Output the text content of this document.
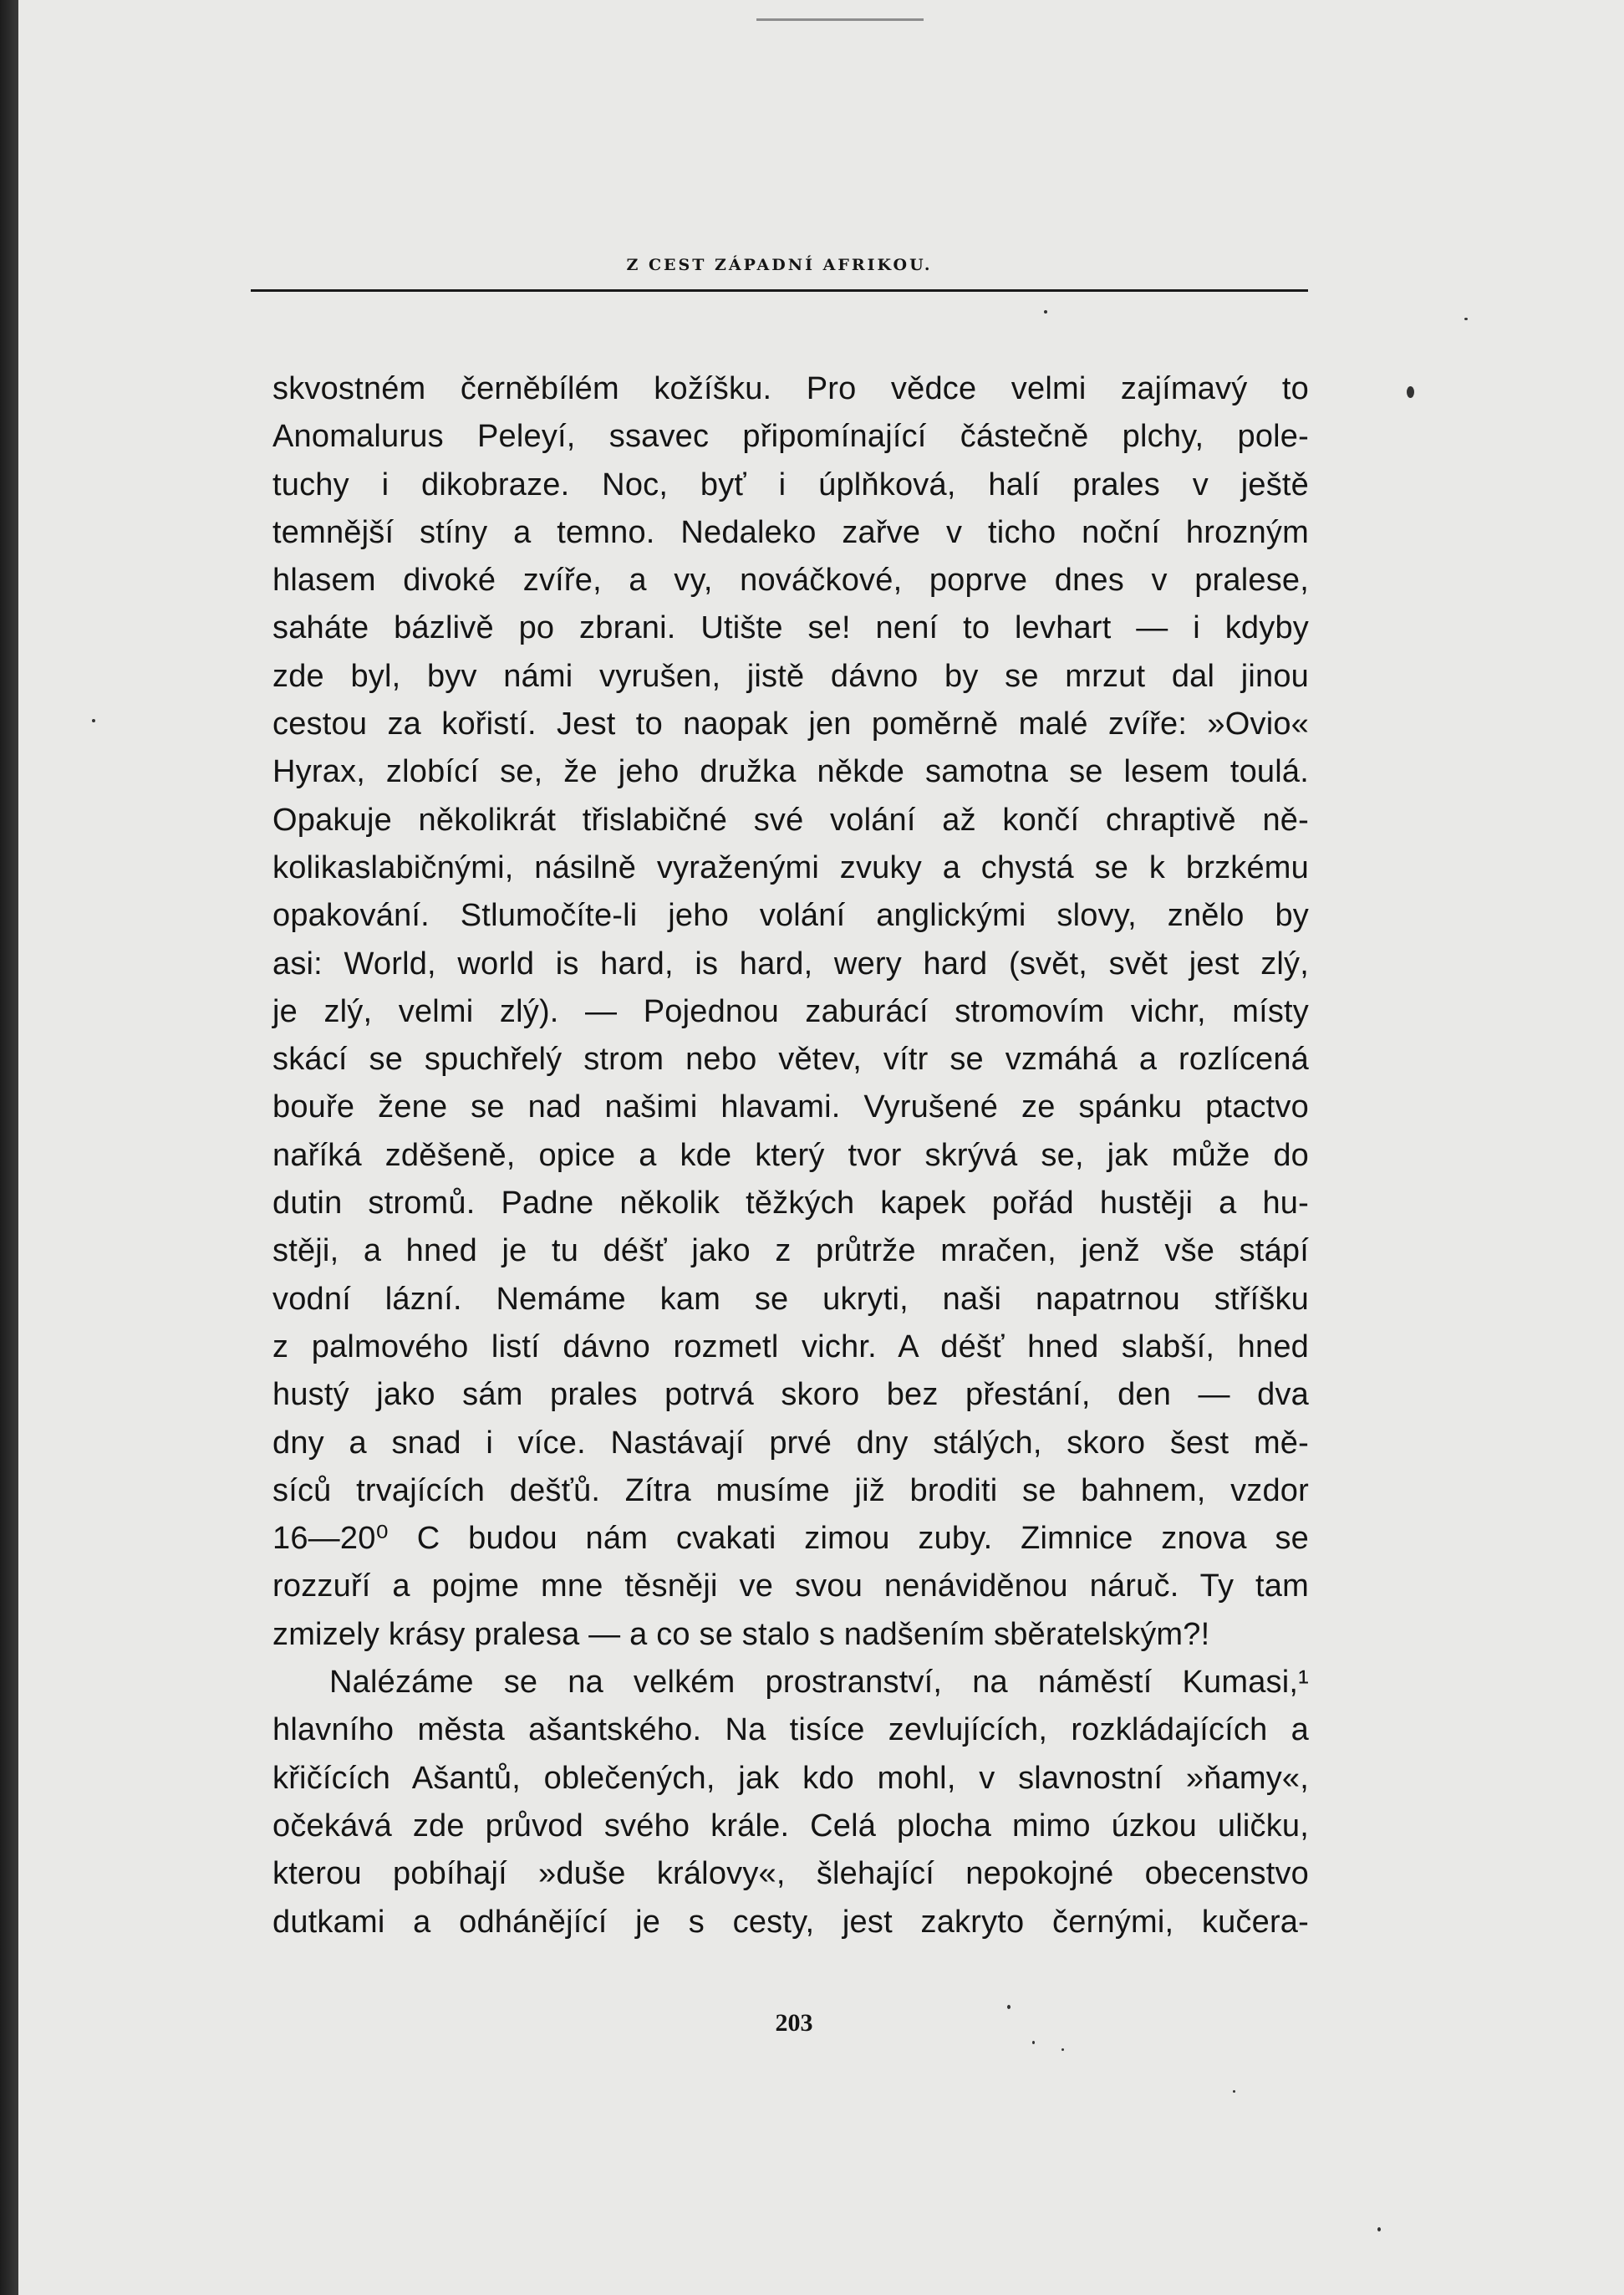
Z CEST ZÁPADNÍ AFRIKOU.
skvostném černěbílém kožíšku. Pro vědce velmi zajímavý to
Anomalurus Peleyí, ssavec připomínající částečně plchy, pole-
tuchy i dikobraze. Noc, byť i úplňková, halí prales v ještě
temnější stíny a temno. Nedaleko zařve v ticho noční hrozným
hlasem divoké zvíře, a vy, nováčkové, poprve dnes v pralese,
saháte bázlivě po zbrani. Utište se! není to levhart — i kdyby
zde byl, byv námi vyrušen, jistě dávno by se mrzut dal jinou
cestou za kořistí. Jest to naopak jen poměrně malé zvíře: »Ovio«
Hyrax, zlobící se, že jeho družka někde samotna se lesem toulá.
Opakuje několikrát třislabičné své volání až končí chraptivě ně-
kolikaslabičnými, násilně vyraženými zvuky a chystá se k brzkému
opakování. Stlumočíte-li jeho volání anglickými slovy, znělo by
asi: World, world is hard, is hard, wery hard (svět, svět jest zlý,
je zlý, velmi zlý). — Pojednou zaburácí stromovím vichr, místy
skácí se spuchřelý strom nebo větev, vítr se vzmáhá a rozlícená
bouře žene se nad našimi hlavami. Vyrušené ze spánku ptactvo
naříká zděšeně, opice a kde který tvor skrývá se, jak může do
dutin stromů. Padne několik těžkých kapek pořád hustěji a hu-
stěji, a hned je tu déšť jako z průtrže mračen, jenž vše stápí
vodní lázní. Nemáme kam se ukryti, naši napatrnou stříšku
z palmového listí dávno rozmetl vichr. A déšť hned slabší, hned
hustý jako sám prales potrvá skoro bez přestání, den — dva
dny a snad i více. Nastávají prvé dny stálých, skoro šest mě-
síců trvajících dešťů. Zítra musíme již broditi se bahnem, vzdor
16—20⁰ C budou nám cvakati zimou zuby. Zimnice znova se
rozzuří a pojme mne těsněji ve svou nenáviděnou náruč. Ty tam
zmizely krásy pralesa — a co se stalo s nadšením sběratelským?!
Nalézáme se na velkém prostranství, na náměstí Kumasi,¹
hlavního města ašantského. Na tisíce zevlujících, rozkládajících a
křičících Ašantů, oblečených, jak kdo mohl, v slavnostní »ňamy«,
očekává zde průvod svého krále. Celá plocha mimo úzkou uličku,
kterou pobíhají »duše královy«, šlehající nepokojné obecenstvo
dutkami a odhánějící je s cesty, jest zakryto černými, kučera-
203
